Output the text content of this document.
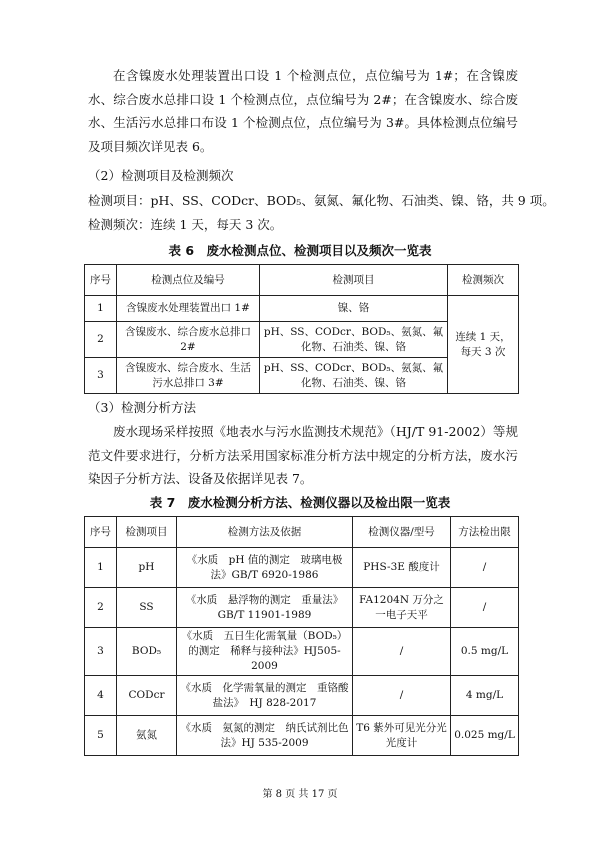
在含镍废水处理装置出口设 1 个检测点位，点位编号为 1#；在含镍废水、综合废水总排口设 1 个检测点位，点位编号为 2#；在含镍废水、综合废水、生活污水总排口布设 1 个检测点位，点位编号为 3#。具体检测点位编号及项目频次详见表 6。
（2）检测项目及检测频次
检测项目：pH、SS、CODcr、BOD₅、氨氮、氟化物、石油类、镍、铬，共 9 项。
检测频次：连续 1 天，每天 3 次。
表 6　废水检测点位、检测项目以及频次一览表
序号	检测点位及编号	检测项目	检测频次
1	含镍废水处理装置出口 1#	镍、铬	连续 1 天，每天 3 次
2	含镍废水、综合废水总排口 2#	pH、SS、CODcr、BOD₅、氨氮、氟化物、石油类、镍、铬	
3	含镍废水、综合废水、生活污水总排口 3#	pH、SS、CODcr、BOD₅、氨氮、氟化物、石油类、镍、铬	
（3）检测分析方法
废水现场采样按照《地表水与污水监测技术规范》（HJ/T 91-2002）等规范文件要求进行，分析方法采用国家标准分析方法中规定的分析方法，废水污染因子分析方法、设备及依据详见表 7。
表 7　废水检测分析方法、检测仪器以及检出限一览表
序号	检测项目	检测方法及依据	检测仪器/型号	方法检出限
1	pH	《水质　pH 值的测定　玻璃电极法》GB/T 6920-1986	PHS-3E 酸度计	/
2	SS	《水质　悬浮物的测定　重量法》GB/T 11901-1989	FA1204N 万分之一电子天平	/
3	BOD₅	《水质　五日生化需氧量（BOD₅）的测定　稀释与接种法》HJ505-2009	/	0.5 mg/L
4	CODcr	《水质　化学需氧量的测定　重铬酸盐法》　HJ 828-2017	/	4 mg/L
5	氨氮	《水质　氨氮的测定　纳氏试剂比色法》HJ 535-2009	T6 紫外可见光分光光度计	0.025 mg/L
第 8 页 共 17 页
